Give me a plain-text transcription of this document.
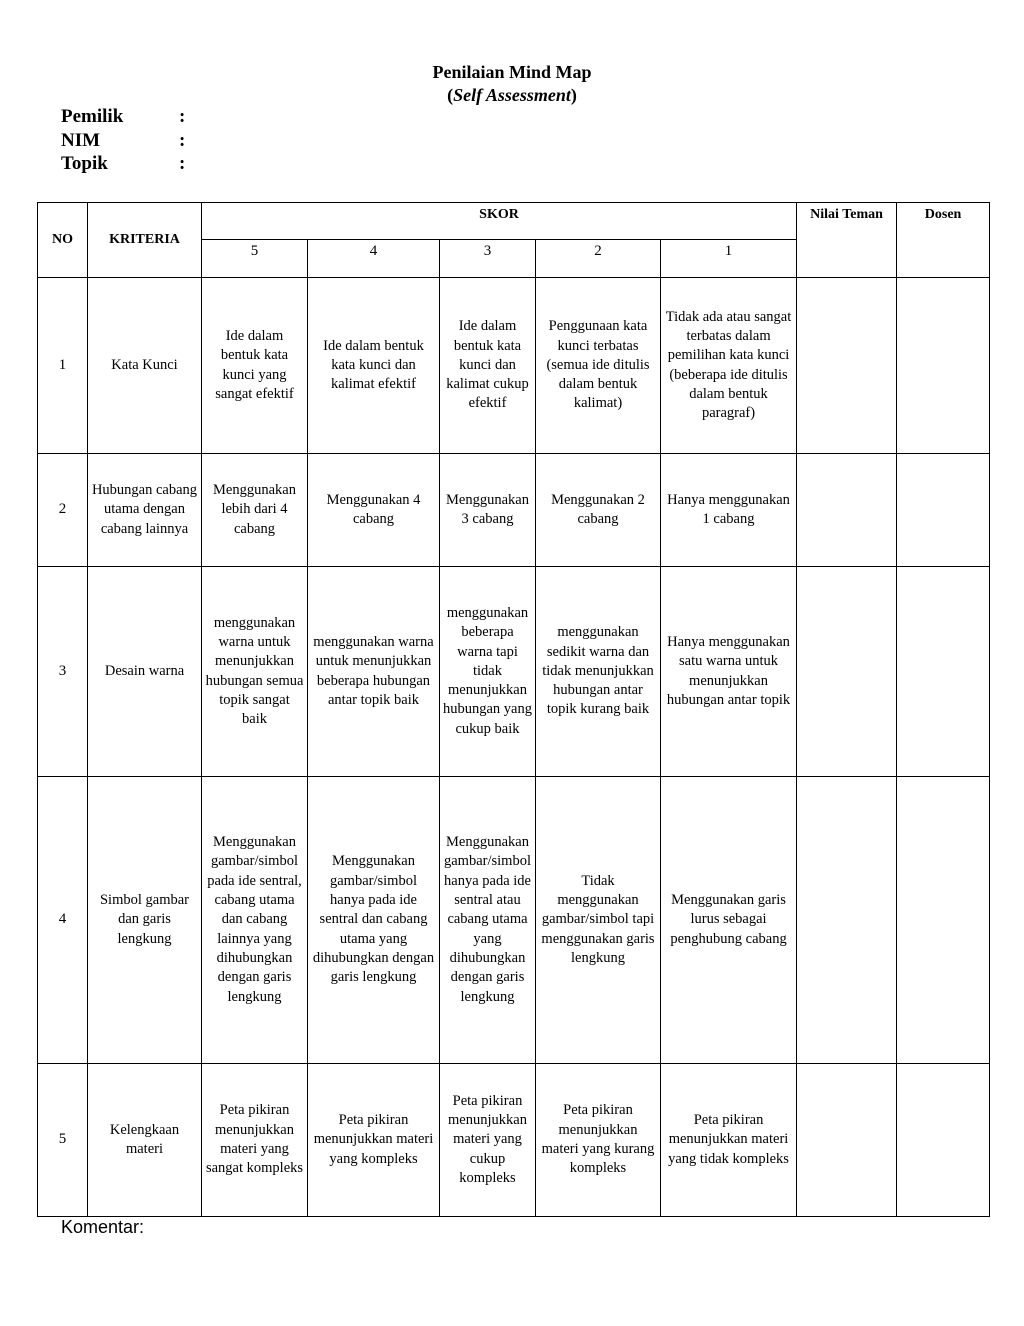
Penilaian Mind Map
(Self Assessment)
Pemilik	:
NIM	:
Topik	:
NO	KRITERIA	SKOR					Nilai Teman	Dosen
		5	4	3	2	1		
1	Kata Kunci	Ide dalam bentuk kata kunci yang sangat efektif	Ide dalam bentuk kata kunci dan kalimat efektif	Ide dalam bentuk kata kunci dan kalimat cukup efektif	Penggunaan kata kunci terbatas (semua ide ditulis dalam bentuk kalimat)	Tidak ada atau sangat terbatas dalam pemilihan kata kunci (beberapa ide ditulis dalam bentuk paragraf)		
2	Hubungan cabang utama dengan cabang lainnya	Menggunakan lebih dari 4 cabang	Menggunakan 4 cabang	Menggunakan 3 cabang	Menggunakan 2 cabang	Hanya menggunakan 1 cabang		
3	Desain warna	menggunakan warna untuk menunjukkan hubungan semua topik sangat baik	menggunakan warna untuk menunjukkan beberapa hubungan antar topik baik	menggunakan beberapa warna tapi tidak menunjukkan hubungan yang cukup baik	menggunakan sedikit warna dan tidak menunjukkan hubungan antar topik kurang baik	Hanya menggunakan satu warna untuk menunjukkan hubungan antar topik		
4	Simbol gambar dan garis lengkung	Menggunakan gambar/simbol pada ide sentral, cabang utama dan cabang lainnya yang dihubungkan dengan garis lengkung	Menggunakan gambar/simbol hanya pada ide sentral dan cabang utama yang dihubungkan dengan garis lengkung	Menggunakan gambar/simbol hanya pada ide sentral atau cabang utama yang dihubungkan dengan garis lengkung	Tidak menggunakan gambar/simbol tapi menggunakan garis lengkung	Menggunakan garis lurus sebagai penghubung cabang		
5	Kelengkaan materi	Peta pikiran menunjukkan materi yang sangat kompleks	Peta pikiran menunjukkan materi yang kompleks	Peta pikiran menunjukkan materi yang cukup kompleks	Peta pikiran menunjukkan materi yang kurang kompleks	Peta pikiran menunjukkan materi yang tidak kompleks		
Komentar:
